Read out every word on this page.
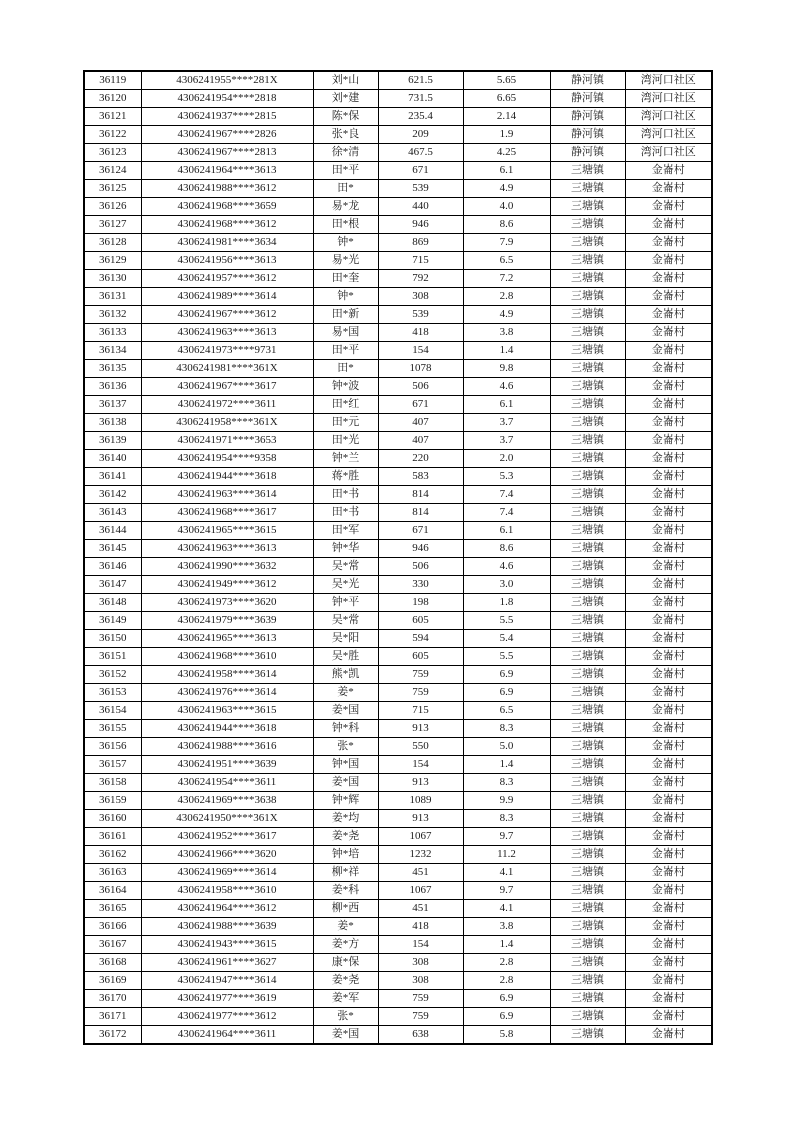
36119	4306241955****281X	刘*山	621.5	5.65	静河镇	湾河口社区
36120	4306241954****2818	刘*建	731.5	6.65	静河镇	湾河口社区
36121	4306241937****2815	陈*保	235.4	2.14	静河镇	湾河口社区
36122	4306241967****2826	张*良	209	1.9	静河镇	湾河口社区
36123	4306241967****2813	徐*清	467.5	4.25	静河镇	湾河口社区
36124	4306241964****3613	田*平	671	6.1	三塘镇	金崙村
36125	4306241988****3612	田*	539	4.9	三塘镇	金崙村
36126	4306241968****3659	易*龙	440	4.0	三塘镇	金崙村
36127	4306241968****3612	田*根	946	8.6	三塘镇	金崙村
36128	4306241981****3634	钟*	869	7.9	三塘镇	金崙村
36129	4306241956****3613	易*光	715	6.5	三塘镇	金崙村
36130	4306241957****3612	田*奎	792	7.2	三塘镇	金崙村
36131	4306241989****3614	钟*	308	2.8	三塘镇	金崙村
36132	4306241967****3612	田*新	539	4.9	三塘镇	金崙村
36133	4306241963****3613	易*国	418	3.8	三塘镇	金崙村
36134	4306241973****9731	田*平	154	1.4	三塘镇	金崙村
36135	4306241981****361X	田*	1078	9.8	三塘镇	金崙村
36136	4306241967****3617	钟*波	506	4.6	三塘镇	金崙村
36137	4306241972****3611	田*红	671	6.1	三塘镇	金崙村
36138	4306241958****361X	田*元	407	3.7	三塘镇	金崙村
36139	4306241971****3653	田*光	407	3.7	三塘镇	金崙村
36140	4306241954****9358	钟*兰	220	2.0	三塘镇	金崙村
36141	4306241944****3618	蒋*胜	583	5.3	三塘镇	金崙村
36142	4306241963****3614	田*书	814	7.4	三塘镇	金崙村
36143	4306241968****3617	田*书	814	7.4	三塘镇	金崙村
36144	4306241965****3615	田*军	671	6.1	三塘镇	金崙村
36145	4306241963****3613	钟*华	946	8.6	三塘镇	金崙村
36146	4306241990****3632	吴*常	506	4.6	三塘镇	金崙村
36147	4306241949****3612	吴*光	330	3.0	三塘镇	金崙村
36148	4306241973****3620	钟*平	198	1.8	三塘镇	金崙村
36149	4306241979****3639	吴*常	605	5.5	三塘镇	金崙村
36150	4306241965****3613	吴*阳	594	5.4	三塘镇	金崙村
36151	4306241968****3610	吴*胜	605	5.5	三塘镇	金崙村
36152	4306241958****3614	熊*凯	759	6.9	三塘镇	金崙村
36153	4306241976****3614	姜*	759	6.9	三塘镇	金崙村
36154	4306241963****3615	姜*国	715	6.5	三塘镇	金崙村
36155	4306241944****3618	钟*科	913	8.3	三塘镇	金崙村
36156	4306241988****3616	张*	550	5.0	三塘镇	金崙村
36157	4306241951****3639	钟*国	154	1.4	三塘镇	金崙村
36158	4306241954****3611	姜*国	913	8.3	三塘镇	金崙村
36159	4306241969****3638	钟*辉	1089	9.9	三塘镇	金崙村
36160	4306241950****361X	姜*均	913	8.3	三塘镇	金崙村
36161	4306241952****3617	姜*尧	1067	9.7	三塘镇	金崙村
36162	4306241966****3620	钟*培	1232	11.2	三塘镇	金崙村
36163	4306241969****3614	柳*祥	451	4.1	三塘镇	金崙村
36164	4306241958****3610	姜*科	1067	9.7	三塘镇	金崙村
36165	4306241964****3612	柳*西	451	4.1	三塘镇	金崙村
36166	4306241988****3639	姜*	418	3.8	三塘镇	金崙村
36167	4306241943****3615	姜*方	154	1.4	三塘镇	金崙村
36168	4306241961****3627	康*保	308	2.8	三塘镇	金崙村
36169	4306241947****3614	姜*尧	308	2.8	三塘镇	金崙村
36170	4306241977****3619	姜*军	759	6.9	三塘镇	金崙村
36171	4306241977****3612	张*	759	6.9	三塘镇	金崙村
36172	4306241964****3611	姜*国	638	5.8	三塘镇	金崙村
